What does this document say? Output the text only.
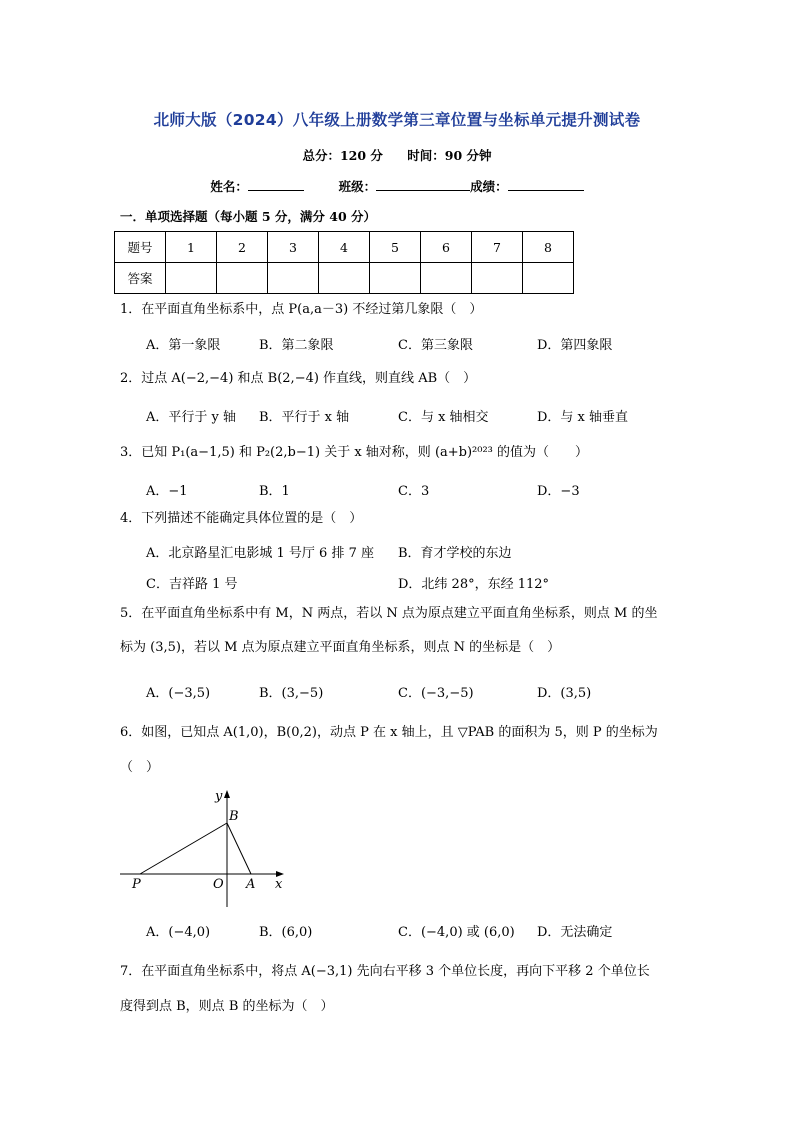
北师大版（2024）八年级上册数学第三章位置与坐标单元提升测试卷
总分：120 分 时间：90 分钟
姓名：	班级：	成绩：
一．单项选择题（每小题 5 分，满分 40 分）
题号	1	2	3	4	5	6	7	8
答案								
1．在平面直角坐标系中，点 P(a,a－3) 不经过第几象限（　）
A．第一象限	B．第二象限	C．第三象限	D．第四象限
2．过点 A(−2,−4) 和点 B(2,−4) 作直线，则直线 AB（　）
A．平行于 y 轴 B．平行于 x 轴	C．与 x 轴相交	D．与 x 轴垂直
3．已知 P₁(a−1,5) 和 P₂(2,b−1) 关于 x 轴对称，则 (a+b)²⁰²³ 的值为（　　）
A．−1	B．1	C．3	D．−3
4．下列描述不能确定具体位置的是（　）
A．北京路星汇电影城 1 号厅 6 排 7 座 B．育才学校的东边
C．吉祥路 1 号	D．北纬 28°，东经 112°
5．在平面直角坐标系中有 M，N 两点，若以 N 点为原点建立平面直角坐标系，则点 M 的坐
标为 (3,5)，若以 M 点为原点建立平面直角坐标系，则点 N 的坐标是（　）
A．(−3,5)	B．(3,−5)	C．(−3,−5)	D．(3,5)
6．如图，已知点 A(1,0)，B(0,2)，动点 P 在 x 轴上，且 ▽PAB 的面积为 5，则 P 的坐标为
（　）
y
B
P	O A x
A．(−4,0)	B．(6,0)	C．(−4,0) 或 (6,0) D．无法确定
7．在平面直角坐标系中，将点 A(−3,1) 先向右平移 3 个单位长度，再向下平移 2 个单位长
度得到点 B，则点 B 的坐标为（　）
